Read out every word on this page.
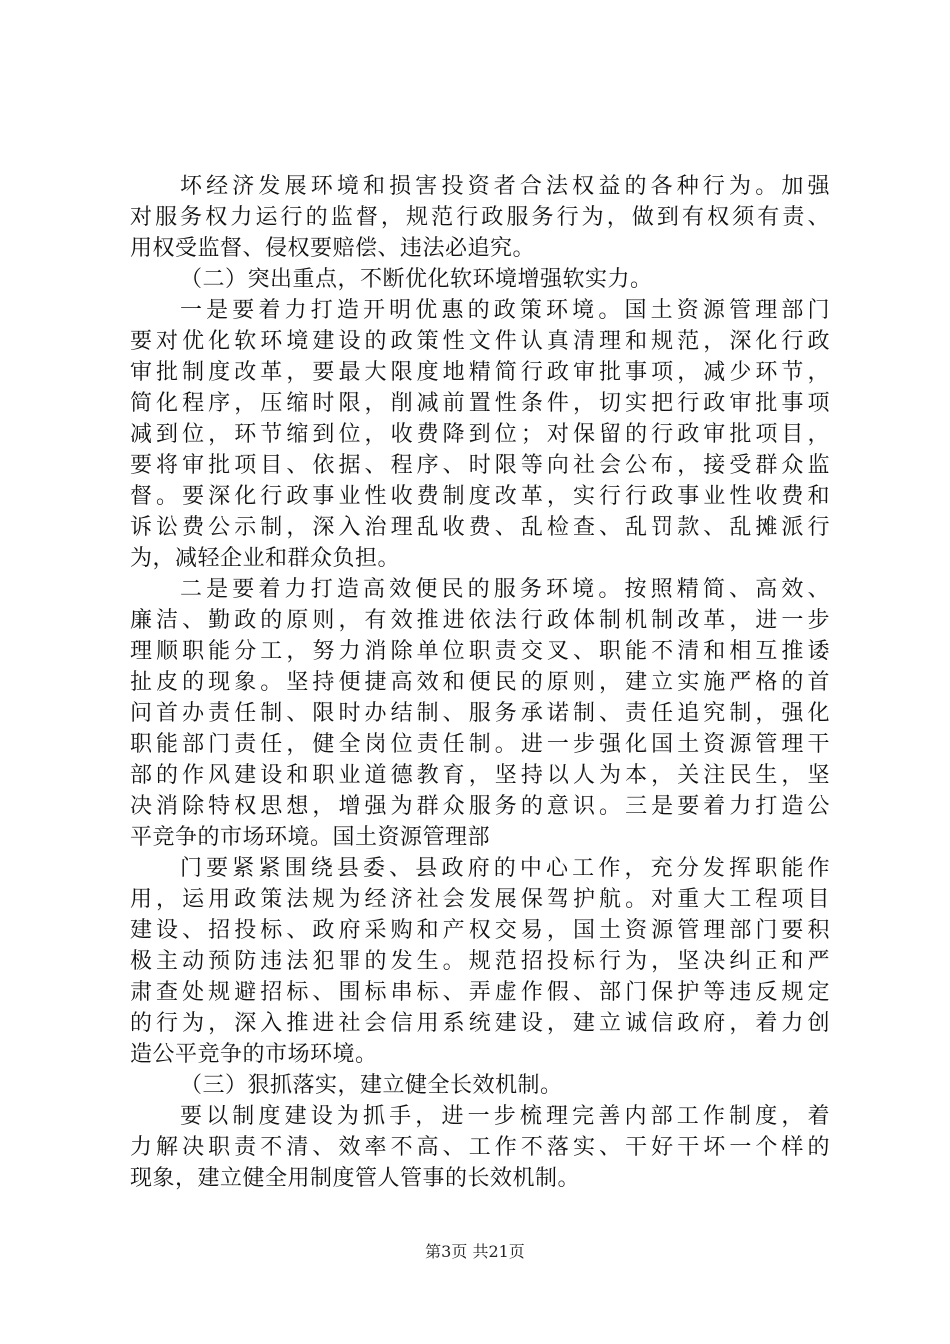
坏经济发展环境和损害投资者合法权益的各种行为。加强
对服务权力运行的监督，规范行政服务行为，做到有权须有责、
用权受监督、侵权要赔偿、违法必追究。
（二）突出重点，不断优化软环境增强软实力。
一是要着力打造开明优惠的政策环境。国土资源管理部门
要对优化软环境建设的政策性文件认真清理和规范，深化行政
审批制度改革，要最大限度地精简行政审批事项，减少环节，
简化程序，压缩时限，削减前置性条件，切实把行政审批事项
减到位，环节缩到位，收费降到位；对保留的行政审批项目，
要将审批项目、依据、程序、时限等向社会公布，接受群众监
督。要深化行政事业性收费制度改革，实行行政事业性收费和
诉讼费公示制，深入治理乱收费、乱检查、乱罚款、乱摊派行
为，减轻企业和群众负担。
二是要着力打造高效便民的服务环境。按照精简、高效、
廉洁、勤政的原则，有效推进依法行政体制机制改革，进一步
理顺职能分工，努力消除单位职责交叉、职能不清和相互推诿
扯皮的现象。坚持便捷高效和便民的原则，建立实施严格的首
问首办责任制、限时办结制、服务承诺制、责任追究制，强化
职能部门责任，健全岗位责任制。进一步强化国土资源管理干
部的作风建设和职业道德教育，坚持以人为本，关注民生，坚
决消除特权思想，增强为群众服务的意识。三是要着力打造公
平竞争的市场环境。国土资源管理部
门要紧紧围绕县委、县政府的中心工作，充分发挥职能作
用，运用政策法规为经济社会发展保驾护航。对重大工程项目
建设、招投标、政府采购和产权交易，国土资源管理部门要积
极主动预防违法犯罪的发生。规范招投标行为，坚决纠正和严
肃查处规避招标、围标串标、弄虚作假、部门保护等违反规定
的行为，深入推进社会信用系统建设，建立诚信政府，着力创
造公平竞争的市场环境。
（三）狠抓落实，建立健全长效机制。
要以制度建设为抓手，进一步梳理完善内部工作制度，着
力解决职责不清、效率不高、工作不落实、干好干坏一个样的
现象，建立健全用制度管人管事的长效机制。
第3页 共21页
